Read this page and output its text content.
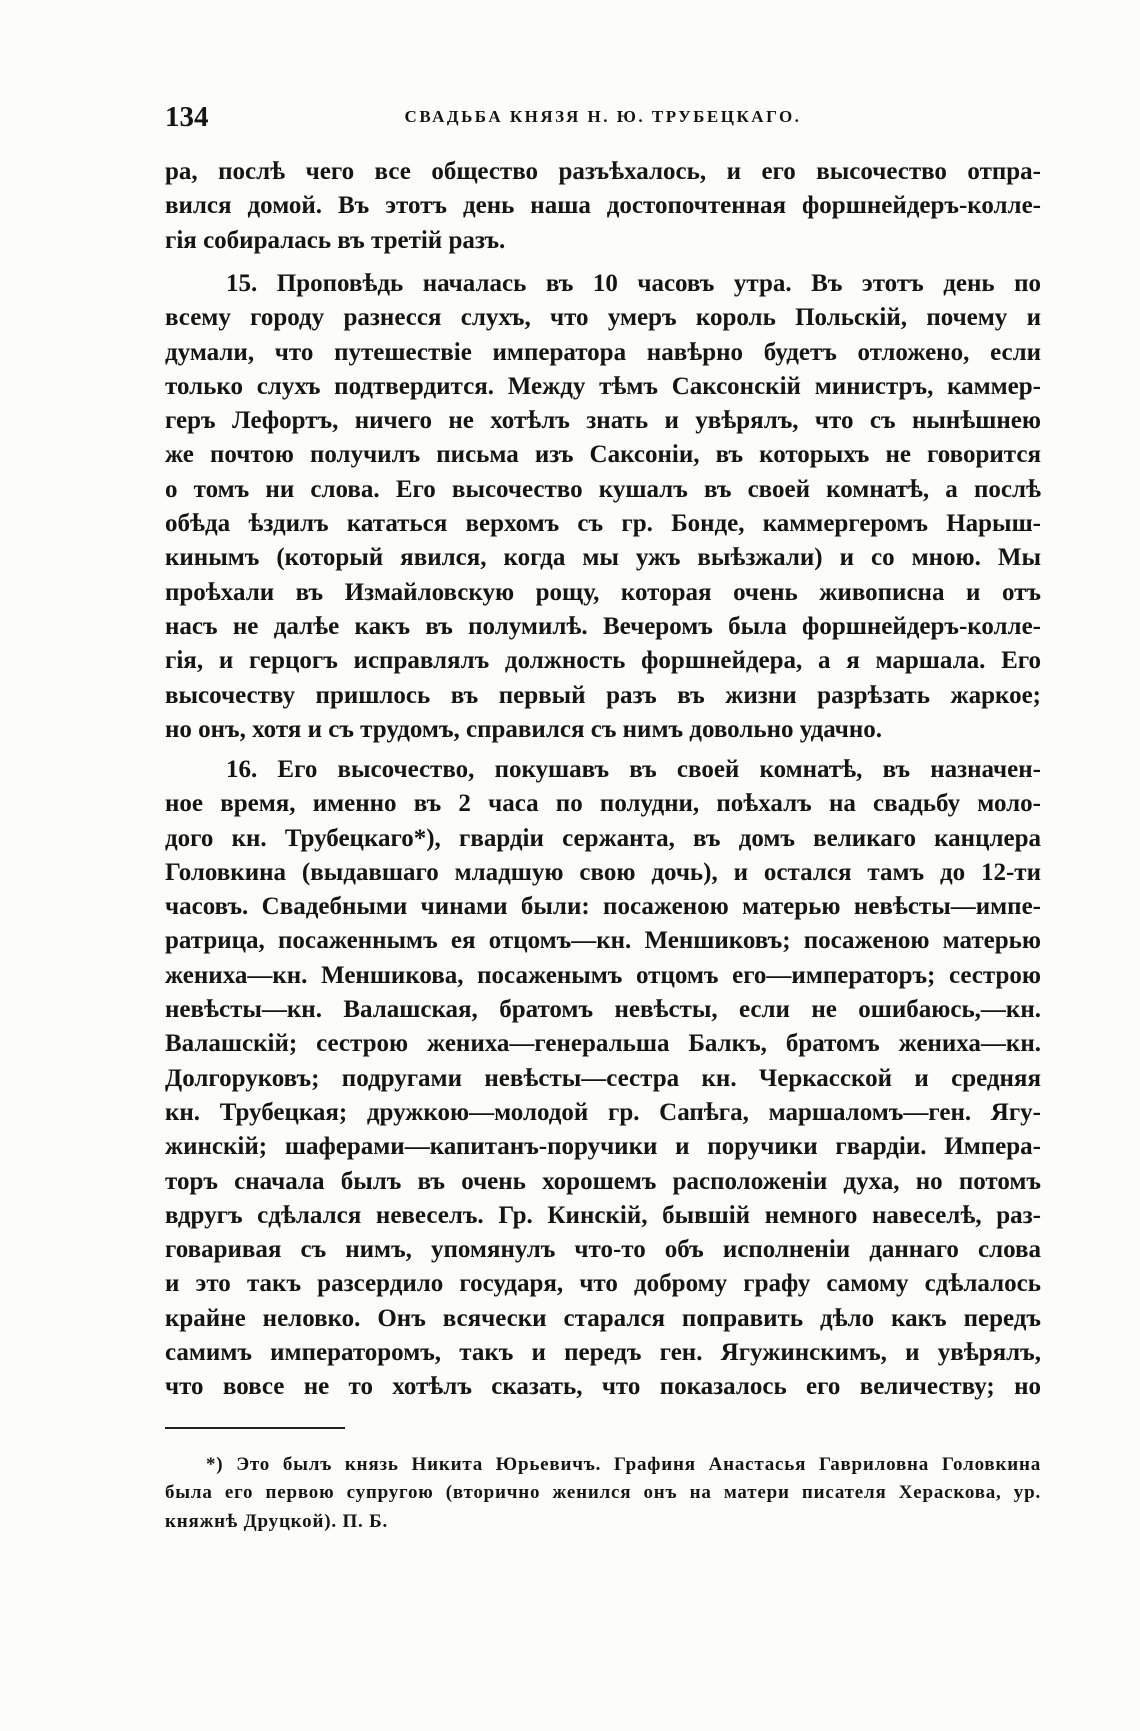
134	СВАДЬБА КНЯЗЯ Н. Ю. ТРУБЕЦКАГО.
ра, послѣ чего все общество разъѣхалось, и его высочество отпра-
вился домой. Въ этотъ день наша достопочтенная форшнейдеръ-колле-
гія собиралась въ третій разъ.
15. Проповѣдь началась въ 10 часовъ утра. Въ этотъ день по
всему городу разнесся слухъ, что умеръ король Польскій, почему и
думали, что путешествіе императора навѣрно будетъ отложено, если
только слухъ подтвердится. Между тѣмъ Саксонскій министръ, каммер-
геръ Лефортъ, ничего не хотѣлъ знать и увѣрялъ, что съ нынѣшнею
же почтою получилъ письма изъ Саксоніи, въ которыхъ не говорится
о томъ ни слова. Его высочество кушалъ въ своей комнатѣ, а послѣ
обѣда ѣздилъ кататься верхомъ съ гр. Бонде, каммергеромъ Нарыш-
кинымъ (который явился, когда мы ужъ выѣзжали) и со мною. Мы
проѣхали въ Измайловскую рощу, которая очень живописна и отъ
насъ не далѣе какъ въ полумилѣ. Вечеромъ была форшнейдеръ-колле-
гія, и герцогъ исправлялъ должность форшнейдера, а я маршала. Его
высочеству пришлось въ первый разъ въ жизни разрѣзать жаркое;
но онъ, хотя и съ трудомъ, справился съ нимъ довольно удачно.
16. Его высочество, покушавъ въ своей комнатѣ, въ назначен-
ное время, именно въ 2 часа по полудни, поѣхалъ на свадьбу моло-
дого кн. Трубецкаго*), гвардіи сержанта, въ домъ великаго канцлера
Головкина (выдавшаго младшую свою дочь), и остался тамъ до 12-ти
часовъ. Свадебными чинами были: посаженою матерью невѣсты—импе-
ратрица, посаженнымъ ея отцомъ—кн. Меншиковъ; посаженою матерью
жениха—кн. Меншикова, посаженымъ отцомъ его—императоръ; сестрою
невѣсты—кн. Валашская, братомъ невѣсты, если не ошибаюсь,—кн.
Валашскій; сестрою жениха—генеральша Балкъ, братомъ жениха—кн.
Долгоруковъ; подругами невѣсты—сестра кн. Черкасской и средняя
кн. Трубецкая; дружкою—молодой гр. Сапѣга, маршаломъ—ген. Ягу-
жинскій; шаферами—капитанъ-поручики и поручики гвардіи. Импера-
торъ сначала былъ въ очень хорошемъ расположеніи духа, но потомъ
вдругъ сдѣлался невеселъ. Гр. Кинскій, бывшій немного навеселѣ, раз-
говаривая съ нимъ, упомянулъ что-то объ исполненіи даннаго слова
и это такъ разсердило государя, что доброму графу самому сдѣлалось
крайне неловко. Онъ всячески старался поправить дѣло какъ передъ
самимъ императоромъ, такъ и передъ ген. Ягужинскимъ, и увѣрялъ,
что вовсе не то хотѣлъ сказать, что показалось его величеству; но
*) Это былъ князь Никита Юрьевичъ. Графиня Анастасья Гавриловна Головкина
была его первою супругою (вторично женился онъ на матери писателя Хераскова, ур.
княжнѣ Друцкой). П. Б.
